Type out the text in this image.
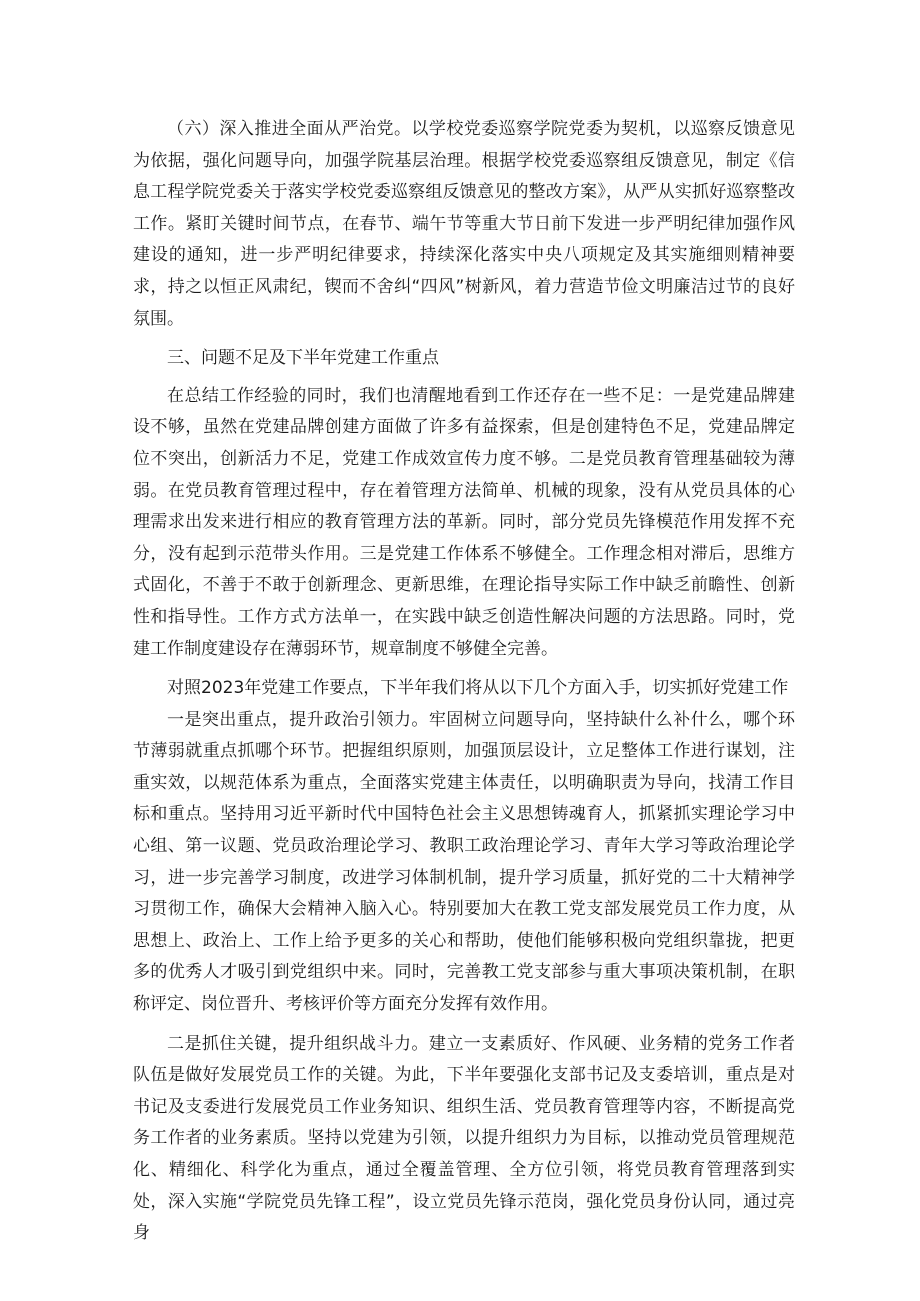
（六）深入推进全面从严治党。以学校党委巡察学院党委为契机，以巡察反馈意见为依据，强化问题导向，加强学院基层治理。根据学校党委巡察组反馈意见，制定《信息工程学院党委关于落实学校党委巡察组反馈意见的整改方案》，从严从实抓好巡察整改工作。紧盯关键时间节点，在春节、端午节等重大节日前下发进一步严明纪律加强作风建设的通知，进一步严明纪律要求，持续深化落实中央八项规定及其实施细则精神要求，持之以恒正风肃纪，锲而不舍纠“四风”树新风，着力营造节俭文明廉洁过节的良好氛围。

三、问题不足及下半年党建工作重点

在总结工作经验的同时，我们也清醒地看到工作还存在一些不足：一是党建品牌建设不够，虽然在党建品牌创建方面做了许多有益探索，但是创建特色不足，党建品牌定位不突出，创新活力不足，党建工作成效宣传力度不够。二是党员教育管理基础较为薄弱。在党员教育管理过程中，存在着管理方法简单、机械的现象，没有从党员具体的心理需求出发来进行相应的教育管理方法的革新。同时，部分党员先锋模范作用发挥不充分，没有起到示范带头作用。三是党建工作体系不够健全。工作理念相对滞后，思维方式固化，不善于不敢于创新理念、更新思维，在理论指导实际工作中缺乏前瞻性、创新性和指导性。工作方式方法单一，在实践中缺乏创造性解决问题的方法思路。同时，党建工作制度建设存在薄弱环节，规章制度不够健全完善。

对照2023年党建工作要点，下半年我们将从以下几个方面入手，切实抓好党建工作

一是突出重点，提升政治引领力。牢固树立问题导向，坚持缺什么补什么，哪个环节薄弱就重点抓哪个环节。把握组织原则，加强顶层设计，立足整体工作进行谋划，注重实效，以规范体系为重点，全面落实党建主体责任，以明确职责为导向，找清工作目标和重点。坚持用习近平新时代中国特色社会主义思想铸魂育人，抓紧抓实理论学习中心组、第一议题、党员政治理论学习、教职工政治理论学习、青年大学习等政治理论学习，进一步完善学习制度，改进学习体制机制，提升学习质量，抓好党的二十大精神学习贯彻工作，确保大会精神入脑入心。特别要加大在教工党支部发展党员工作力度，从思想上、政治上、工作上给予更多的关心和帮助，使他们能够积极向党组织靠拢，把更多的优秀人才吸引到党组织中来。同时，完善教工党支部参与重大事项决策机制，在职称评定、岗位晋升、考核评价等方面充分发挥有效作用。

二是抓住关键，提升组织战斗力。建立一支素质好、作风硬、业务精的党务工作者队伍是做好发展党员工作的关键。为此，下半年要强化支部书记及支委培训，重点是对书记及支委进行发展党员工作业务知识、组织生活、党员教育管理等内容，不断提高党务工作者的业务素质。坚持以党建为引领，以提升组织力为目标，以推动党员管理规范化、精细化、科学化为重点，通过全覆盖管理、全方位引领，将党员教育管理落到实处，深入实施“学院党员先锋工程”，设立党员先锋示范岗，强化党员身份认同，通过亮身
